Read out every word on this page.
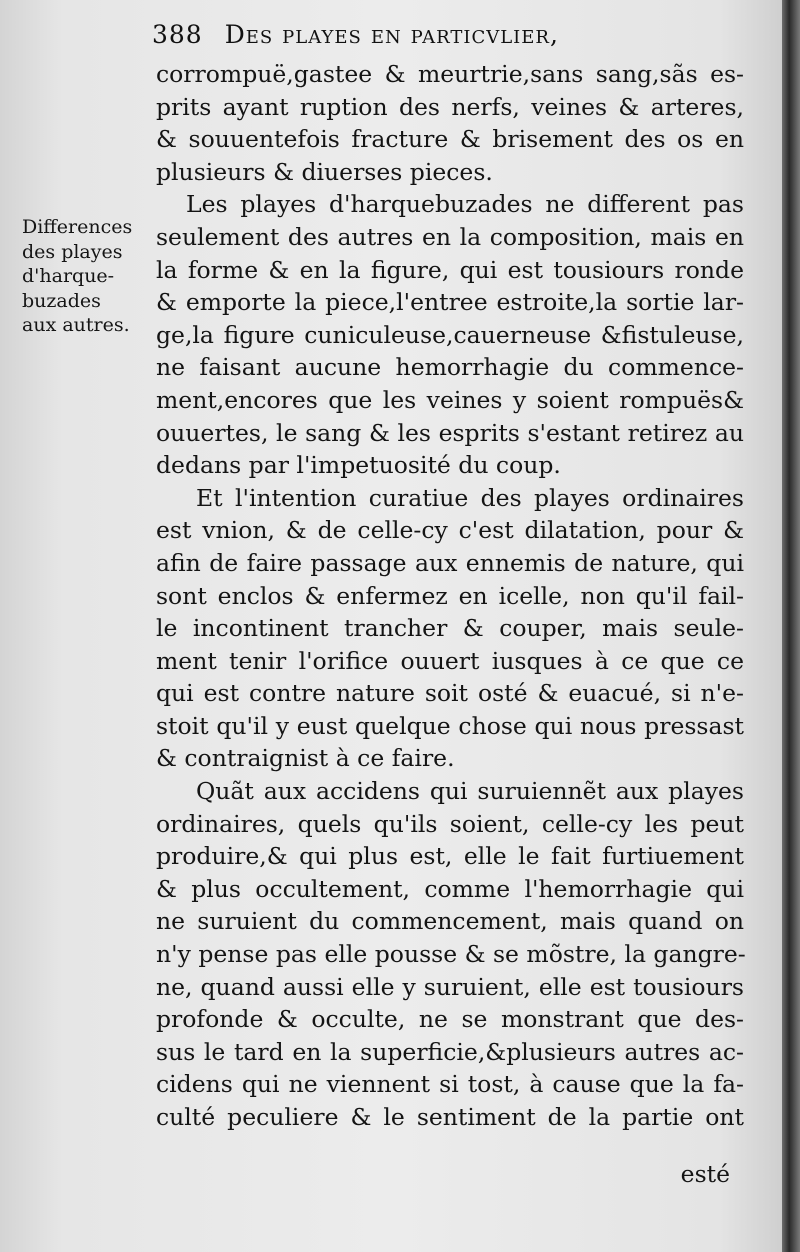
388 Des playes en particvlier,
Differences
des playes
d'harque-
buzades
aux autres.
corrompuë,gastee & meurtrie,sans sang,sãs es-
prits ayant ruption des nerfs, veines & arteres,
& souuentefois fracture & brisement des os en
plusieurs & diuerses pieces.
Les playes d'harquebuzades ne different pas
seulement des autres en la composition, mais en
la forme & en la figure, qui est tousiours ronde
& emporte la piece,l'entree estroite,la sortie lar-
ge,la figure cuniculeuse,cauerneuse &fistuleuse,
ne faisant aucune hemorrhagie du commence-
ment,encores que les veines y soient rompuës&
ouuertes, le sang & les esprits s'estant retirez au
dedans par l'impetuosité du coup.
Et l'intention curatiue des playes ordinaires
est vnion, & de celle-cy c'est dilatation, pour &
afin de faire passage aux ennemis de nature, qui
sont enclos & enfermez en icelle, non qu'il fail-
le incontinent trancher & couper, mais seule-
ment tenir l'orifice ouuert iusques à ce que ce
qui est contre nature soit osté & euacué, si n'e-
stoit qu'il y eust quelque chose qui nous pressast
& contraignist à ce faire.
Quãt aux accidens qui suruiennẽt aux playes
ordinaires, quels qu'ils soient, celle-cy les peut
produire,& qui plus est, elle le fait furtiuement
& plus occultement, comme l'hemorrhagie qui
ne suruient du commencement, mais quand on
n'y pense pas elle pousse & se mõstre, la gangre-
ne, quand aussi elle y suruient, elle est tousiours
profonde & occulte, ne se monstrant que des-
sus le tard en la superficie,&plusieurs autres ac-
cidens qui ne viennent si tost, à cause que la fa-
culté peculiere & le sentiment de la partie ont
esté
